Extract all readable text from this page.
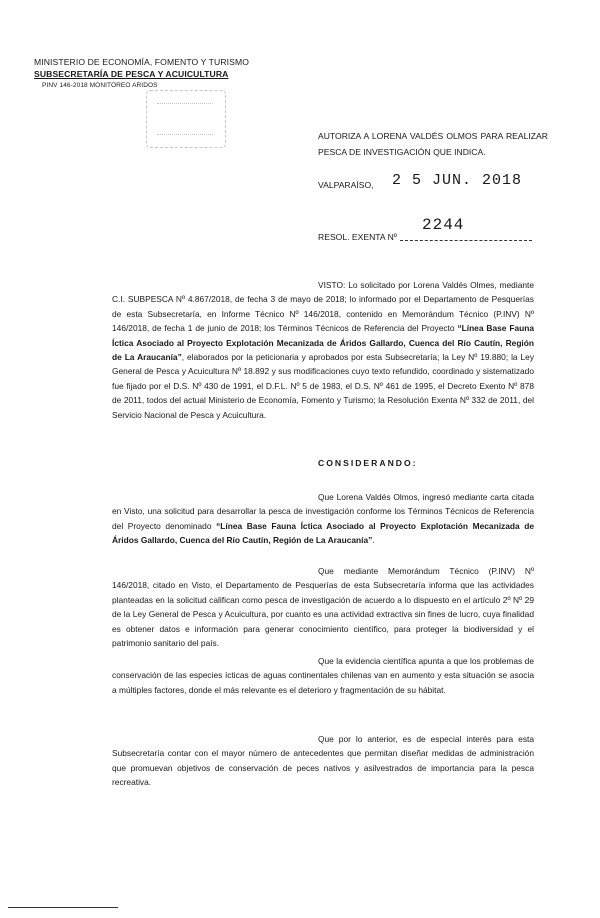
MINISTERIO DE ECONOMÍA, FOMENTO Y TURISMO
SUBSECRETARÍA DE PESCA Y ACUICULTURA
PINV 146-2018 MONITOREO ARIDOS
AUTORIZA A LORENA VALDÉS OLMOS PARA REALIZAR PESCA DE INVESTIGACIÓN QUE INDICA.
VALPARAÍSO, 2 5 JUN. 2018
RESOL. EXENTA Nº
2244

VISTO: Lo solicitado por Lorena Valdés Olmes, mediante C.I. SUBPESCA Nº 4.867/2018, de fecha 3 de mayo de 2018; lo informado por el Departamento de Pesquerías de esta Subsecretaría, en Informe Técnico Nº 146/2018, contenido en Memorándum Técnico (P.INV) Nº 146/2018, de fecha 1 de junio de 2018; los Términos Técnicos de Referencia del Proyecto “Línea Base Fauna Íctica Asociado al Proyecto Explotación Mecanizada de Áridos Gallardo, Cuenca del Río Cautín, Región de La Araucanía”, elaborados por la peticionaria y aprobados por esta Subsecretaría; la Ley Nº 19.880; la Ley General de Pesca y Acuicultura Nº 18.892 y sus modificaciones cuyo texto refundido, coordinado y sistematizado fue fijado por el D.S. Nº 430 de 1991, el D.F.L. Nº 5 de 1983, el D.S. Nº 461 de 1995, el Decreto Exento Nº 878 de 2011, todos del actual Ministerio de Economía, Fomento y Turismo; la Resolución Exenta Nº 332 de 2011, del Servicio Nacional de Pesca y Acuicultura.

CONSIDERANDO:

Que Lorena Valdés Olmos, ingresó mediante carta citada en Visto, una solicitud para desarrollar la pesca de investigación conforme los Términos Técnicos de Referencia del Proyecto denominado “Línea Base Fauna Íctica Asociado al Proyecto Explotación Mecanizada de Áridos Gallardo, Cuenca del Río Cautín, Región de La Araucanía”.

Que mediante Memorándum Técnico (P.INV) Nº 146/2018, citado en Visto, el Departamento de Pesquerías de esta Subsecretaría informa que las actividades planteadas en la solicitud califican como pesca de investigación de acuerdo a lo dispuesto en el artículo 2º Nº 29 de la Ley General de Pesca y Acuicultura, por cuanto es una actividad extractiva sin fines de lucro, cuya finalidad es obtener datos e información para generar conocimiento científico, para proteger la biodiversidad y el patrimonio sanitario del país.

Que la evidencia científica apunta a que los problemas de conservación de las especies ícticas de aguas continentales chilenas van en aumento y esta situación se asocia a múltiples factores, donde el más relevante es el deterioro y fragmentación de su hábitat.

Que por lo anterior, es de especial interés para esta Subsecretaría contar con el mayor número de antecedentes que permitan diseñar medidas de administración que promuevan objetivos de conservación de peces nativos y asilvestrados de importancia para la pesca recreativa.
